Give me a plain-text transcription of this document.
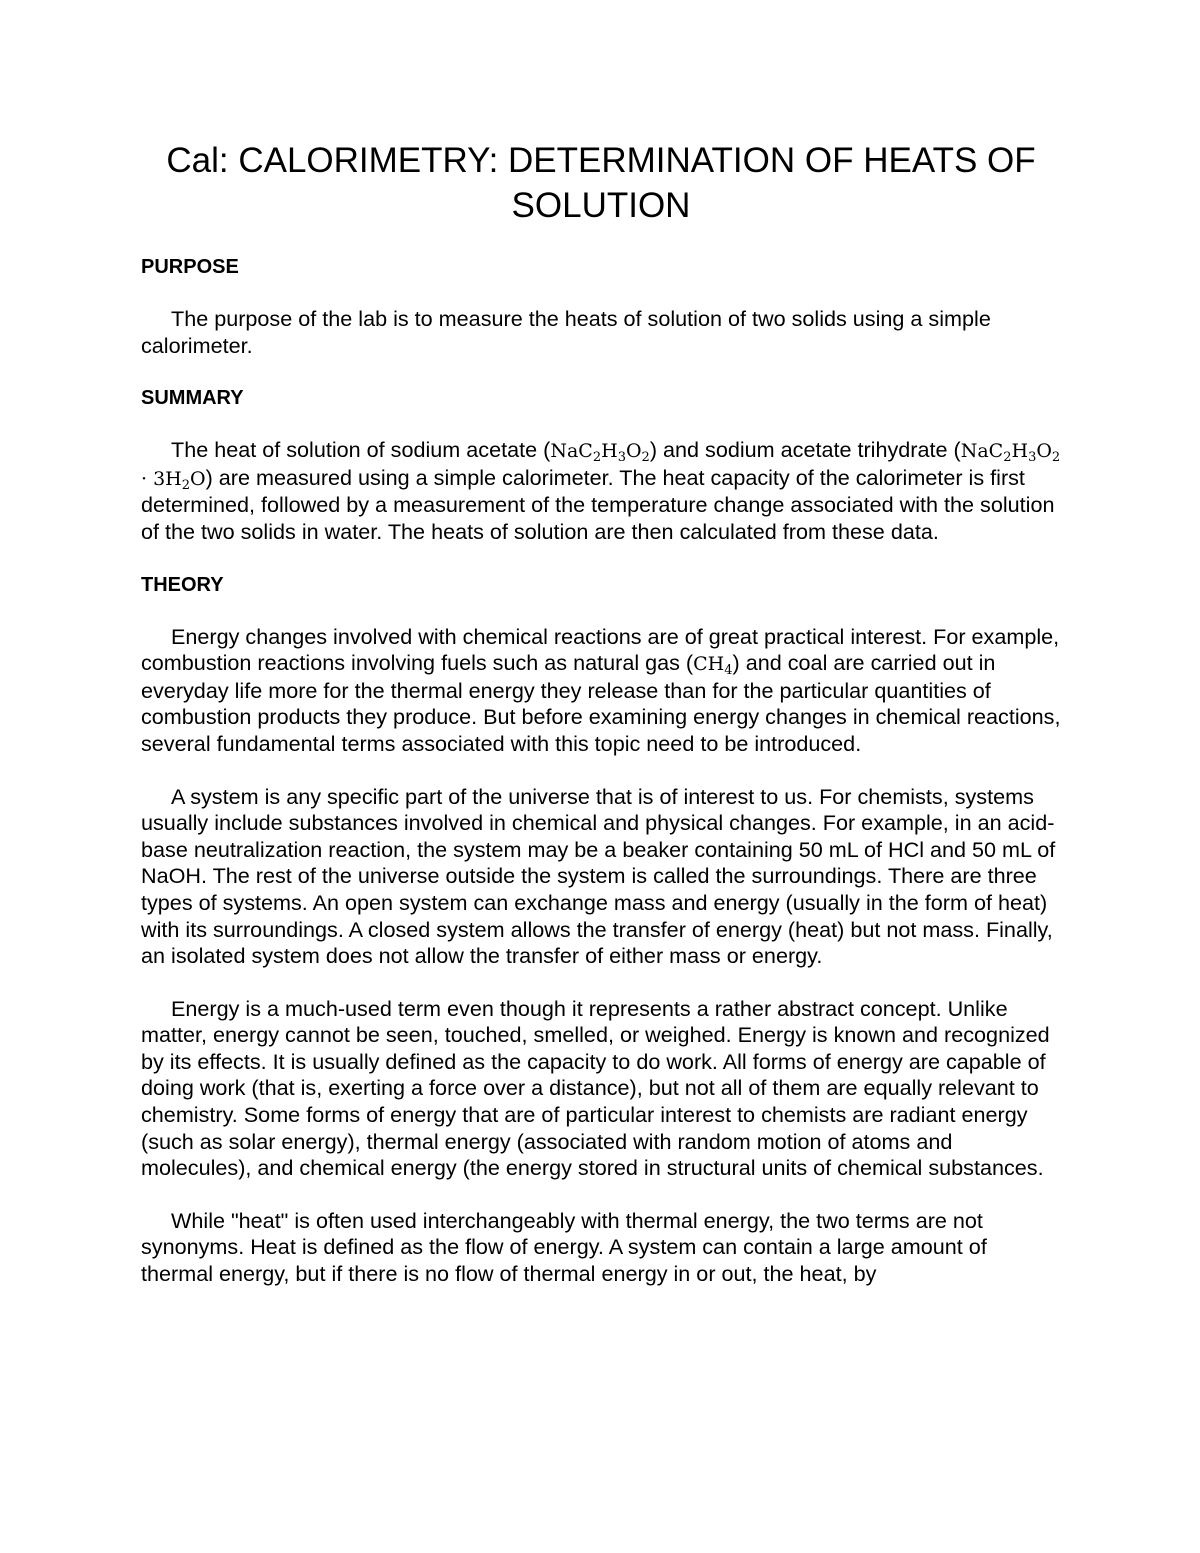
Cal: CALORIMETRY: DETERMINATION OF HEATS OF SOLUTION
PURPOSE

The purpose of the lab is to measure the heats of solution of two solids using a simple calorimeter.

SUMMARY

The heat of solution of sodium acetate $(NaC_2H_3O_2)$ and sodium acetate trihydrate $(NaC_2H_3O_2 \cdot 3H_2O)$ are measured using a simple calorimeter. The heat capacity of the calorimeter is first determined, followed by a measurement of the temperature change associated with the solution of the two solids in water. The heats of solution are then calculated from these data.

THEORY

Energy changes involved with chemical reactions are of great practical interest. For example, combustion reactions involving fuels such as natural gas $(CH_4)$ and coal are carried out in everyday life more for the thermal energy they release than for the particular quantities of combustion products they produce. But before examining energy changes in chemical reactions, several fundamental terms associated with this topic need to be introduced.

A system is any specific part of the universe that is of interest to us. For chemists, systems usually include substances involved in chemical and physical changes. For example, in an acid-base neutralization reaction, the system may be a beaker containing 50 mL of HCl and 50 mL of NaOH. The rest of the universe outside the system is called the surroundings. There are three types of systems. An open system can exchange mass and energy (usually in the form of heat) with its surroundings. A closed system allows the transfer of energy (heat) but not mass. Finally, an isolated system does not allow the transfer of either mass or energy.

Energy is a much-used term even though it represents a rather abstract concept. Unlike matter, energy cannot be seen, touched, smelled, or weighed. Energy is known and recognized by its effects. It is usually defined as the capacity to do work. All forms of energy are capable of doing work (that is, exerting a force over a distance), but not all of them are equally relevant to chemistry. Some forms of energy that are of particular interest to chemists are radiant energy (such as solar energy), thermal energy (associated with random motion of atoms and molecules), and chemical energy (the energy stored in structural units of chemical substances.

While "heat" is often used interchangeably with thermal energy, the two terms are not synonyms. Heat is defined as the flow of energy. A system can contain a large amount of thermal energy, but if there is no flow of thermal energy in or out, the heat, by
